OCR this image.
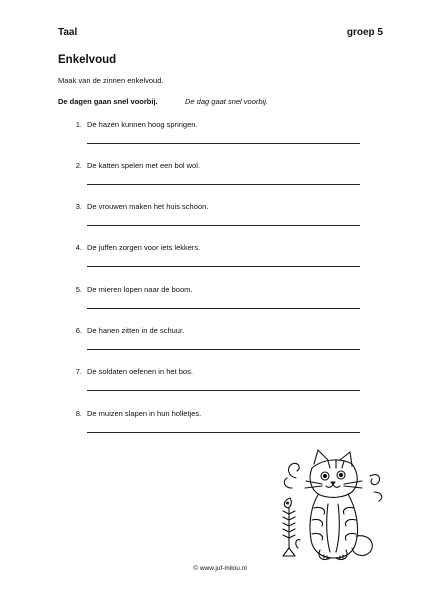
Taal	groep 5
Enkelvoud
Maak van de zinnen enkelvoud.
De dagen gaan snel voorbij.	De dag gaat snel voorbij.
1. De hazen kunnen hoog springen.
2. De katten spelen met een bol wol.
3. De vrouwen maken het huis schoon.
4. De juffen zorgen voor iets lekkers.
5. De mieren lopen naar de boom.
6. De hanen zitten in de schuur.
7. De soldaten oefenen in het bos.
8. De muizen slapen in hun holletjes.
© www.juf-milou.nl
